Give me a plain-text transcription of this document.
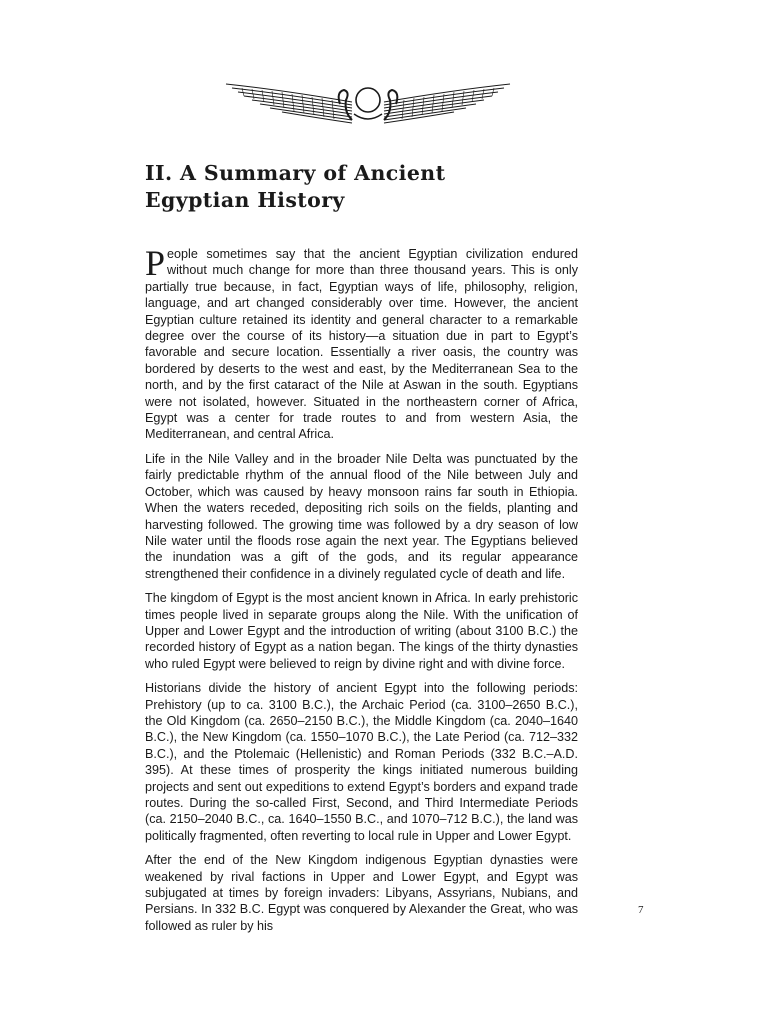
II. A Summary of Ancient
Egyptian History

People sometimes say that the ancient Egyptian civilization endured without much change for more than three thousand years. This is only partially true because, in fact, Egyptian ways of life, philosophy, religion, language, and art changed considerably over time. However, the ancient Egyptian culture retained its identity and general character to a remarkable degree over the course of its history—a situation due in part to Egypt’s favorable and secure location. Essentially a river oasis, the country was bordered by deserts to the west and east, by the Mediterranean Sea to the north, and by the first cataract of the Nile at Aswan in the south. Egyptians were not isolated, however. Situated in the northeastern corner of Africa, Egypt was a center for trade routes to and from western Asia, the Mediterranean, and central Africa.

Life in the Nile Valley and in the broader Nile Delta was punctuated by the fairly predictable rhythm of the annual flood of the Nile between July and October, which was caused by heavy monsoon rains far south in Ethiopia. When the waters receded, depositing rich soils on the fields, planting and harvesting followed. The growing time was followed by a dry season of low Nile water until the floods rose again the next year. The Egyptians believed the inundation was a gift of the gods, and its regular appearance strengthened their confidence in a divinely regulated cycle of death and life.

The kingdom of Egypt is the most ancient known in Africa. In early prehistoric times people lived in separate groups along the Nile. With the unification of Upper and Lower Egypt and the introduction of writing (about 3100 B.C.) the recorded history of Egypt as a nation began. The kings of the thirty dynasties who ruled Egypt were believed to reign by divine right and with divine force.

Historians divide the history of ancient Egypt into the following periods: Prehistory (up to ca. 3100 B.C.), the Archaic Period (ca. 3100–2650 B.C.), the Old Kingdom (ca. 2650–2150 B.C.), the Middle Kingdom (ca. 2040–1640 B.C.), the New Kingdom (ca. 1550–1070 B.C.), the Late Period (ca. 712–332 B.C.), and the Ptolemaic (Hellenistic) and Roman Periods (332 B.C.–A.D. 395). At these times of prosperity the kings initiated numerous building projects and sent out expeditions to extend Egypt’s borders and expand trade routes. During the so-called First, Second, and Third Intermediate Periods (ca. 2150–2040 B.C., ca. 1640–1550 B.C., and 1070–712 B.C.), the land was politically fragmented, often reverting to local rule in Upper and Lower Egypt.

After the end of the New Kingdom indigenous Egyptian dynasties were weakened by rival factions in Upper and Lower Egypt, and Egypt was subjugated at times by foreign invaders: Libyans, Assyrians, Nubians, and Persians. In 332 B.C. Egypt was conquered by Alexander the Great, who was followed as ruler by his

7
